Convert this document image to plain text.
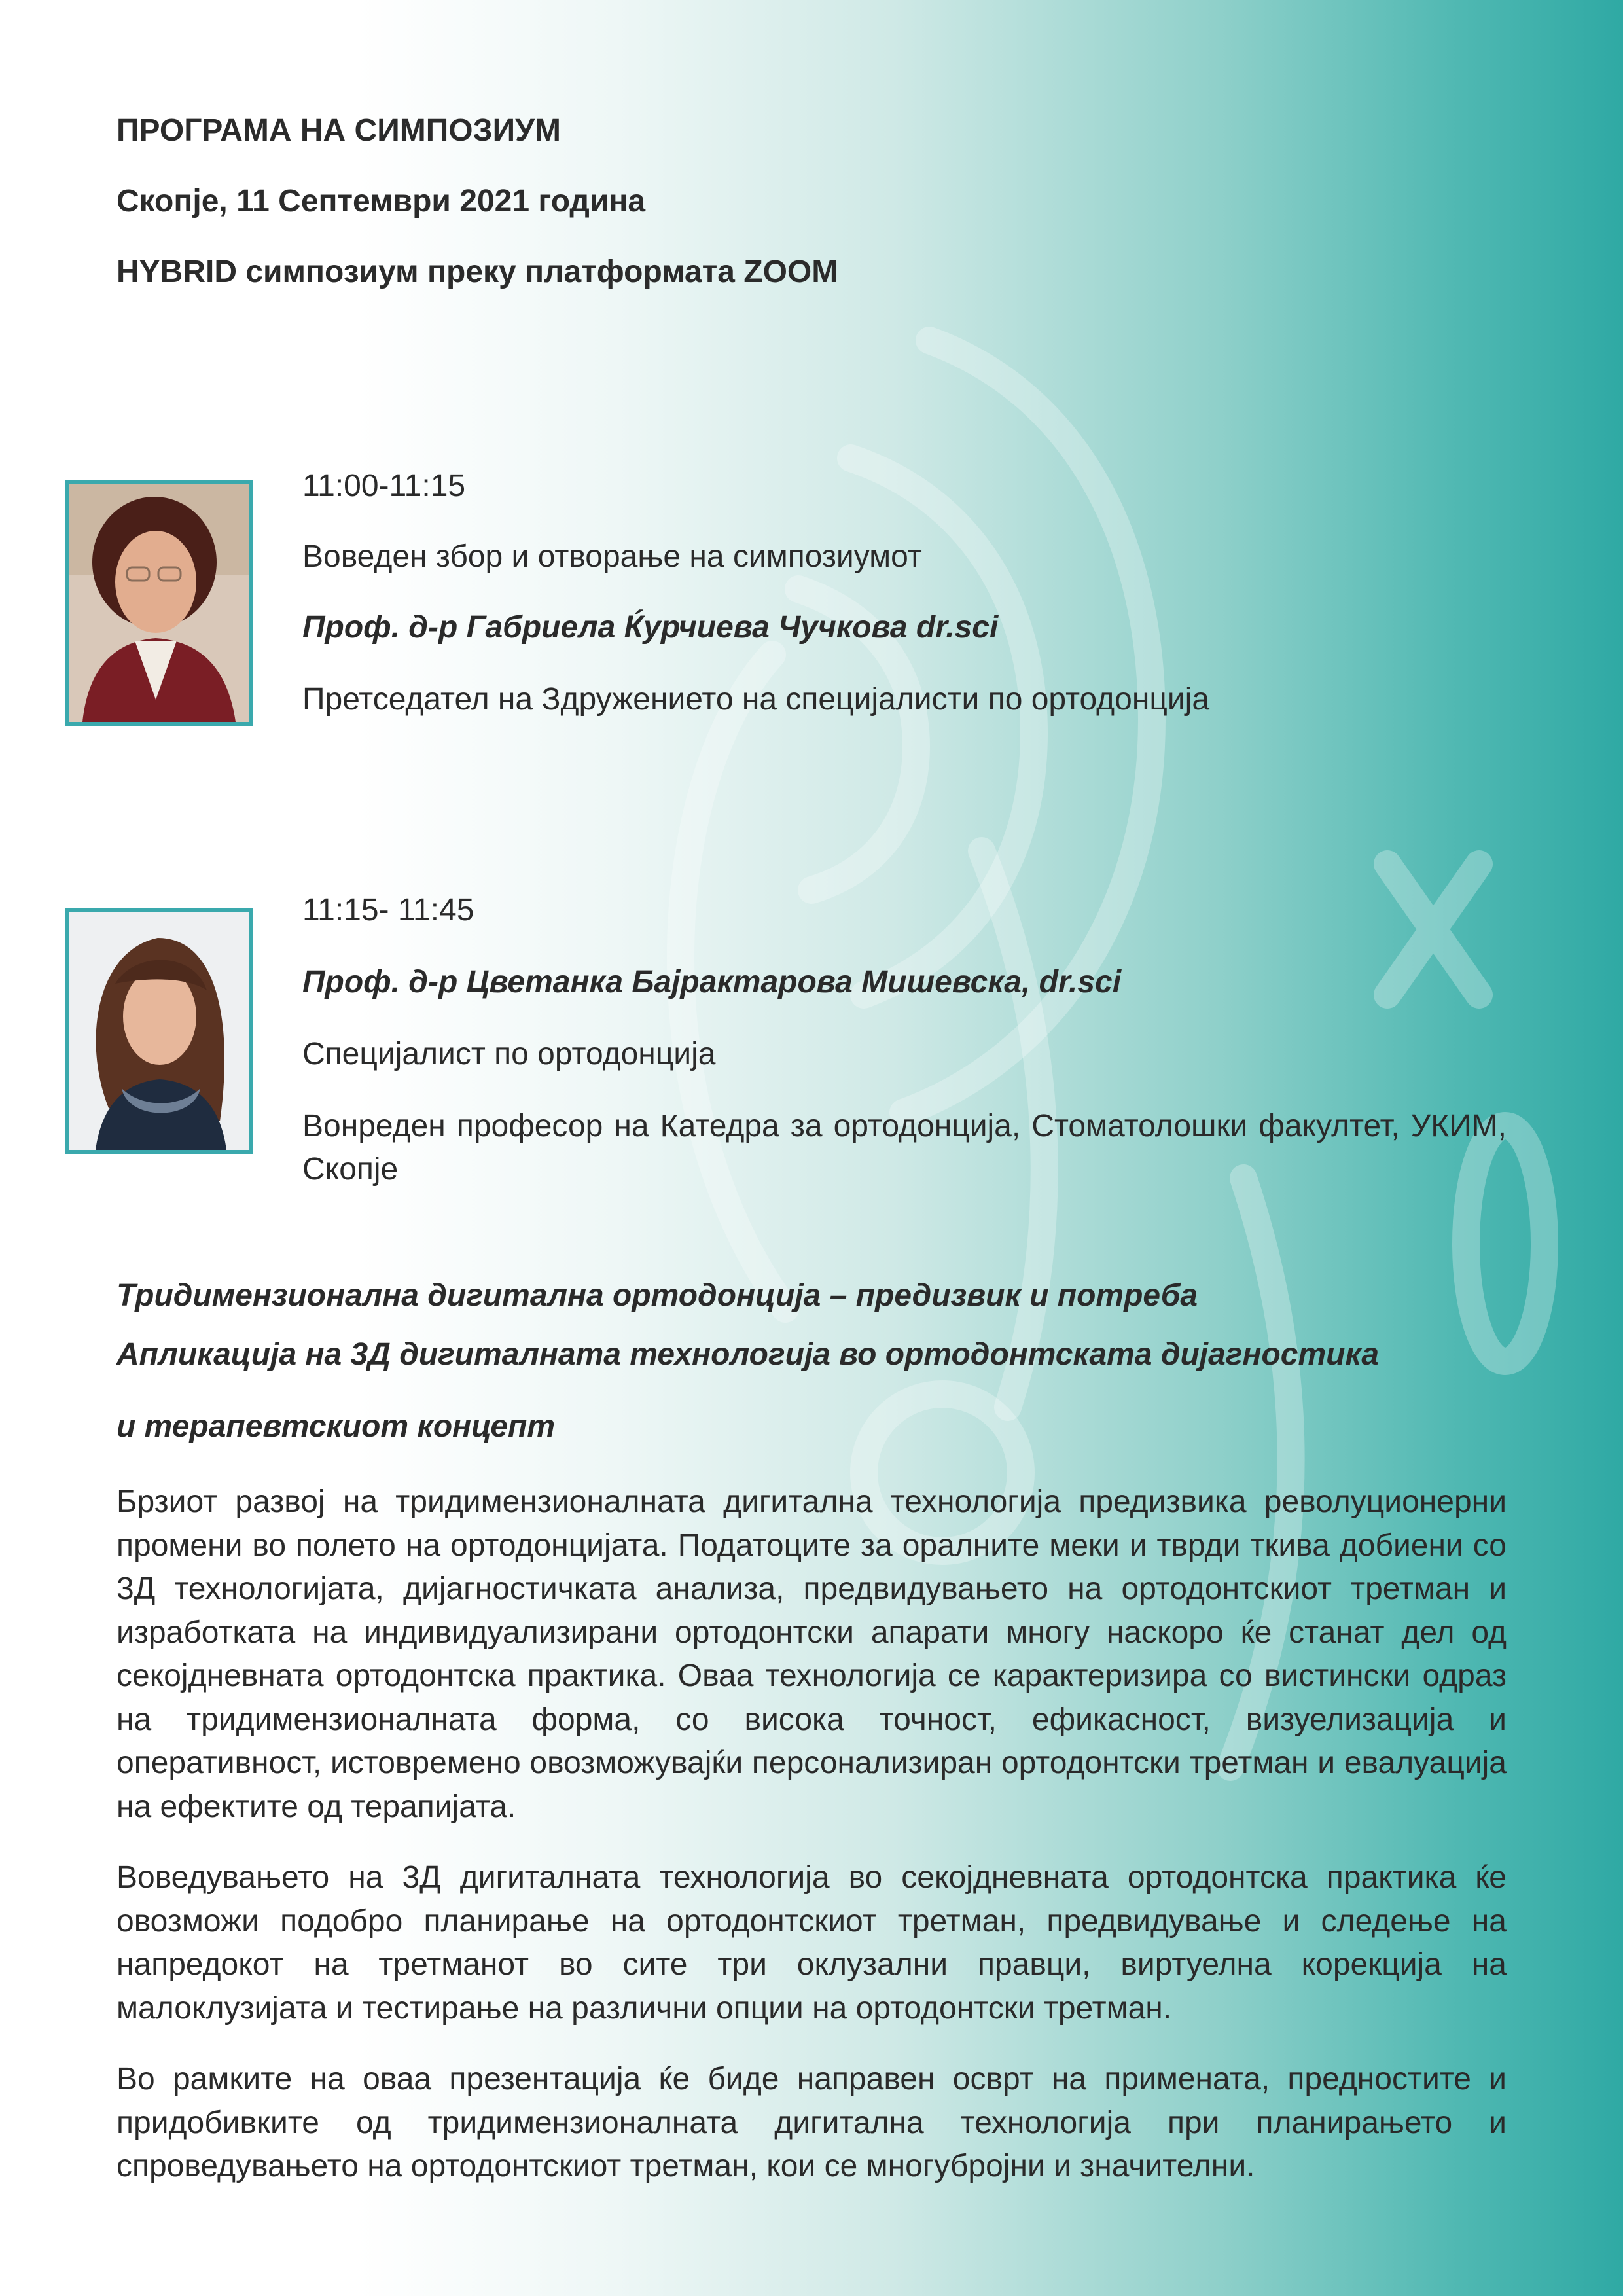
ПРОГРАМА НА СИМПОЗИУМ
Скопје, 11 Септември 2021 година
HYBRID симпозиум преку платформата ZOOM
11:00-11:15
Воведен збор и отворање на симпозиумот
Проф. д-р Габриела Ќурчиева Чучкова dr.sci
Претседател на Здружението на специјалисти по ортодонција
11:15- 11:45
Проф. д-р Цветанка Бајрактарова Мишевска, dr.sci
Специјалист по ортодонција
Вонреден професор на Катедра за ортодонција, Стоматолошки факултет, УКИМ, Скопје
Тридимензионална дигитална ортодонција – предизвик и потреба
Апликација на 3Д дигиталната технологија во ортодонтската дијагностика
и терапевтскиот концепт

Брзиот развој на тридимензионалната дигитална технологија предизвика револуционерни промени во полето на ортодонцијата. Податоците за оралните меки и тврди ткива добиени со 3Д технологијата, дијагностичката анализа, предвидувањето на ортодонтскиот третман и изработката на индивидуализирани ортодонтски апарати многу наскоро ќе станат дел од секојдневната ортодонтска практика. Оваа технологија се карактеризира со вистински одраз на тридимензионалната форма, со висока точност, ефикасност, визуелизација и оперативност, истовремено овозможувајќи персонализиран ортодонтски третман и евалуација на ефектите од терапијата.

Воведувањето на 3Д дигиталната технологија во секојдневната ортодонтска практика ќе овозможи подобро планирање на ортодонтскиот третман, предвидување и следење на напредокот на третманот во сите три оклузални правци, виртуелна корекција на малоклузијата и тестирање на различни опции на ортодонтски третман.

Во рамките на оваа презентација ќе биде направен осврт на примената, предностите и придобивките од тридимензионалната дигитална технологија при планирањето и спроведувањето на ортодонтскиот третман, кои се многубројни и значителни.
